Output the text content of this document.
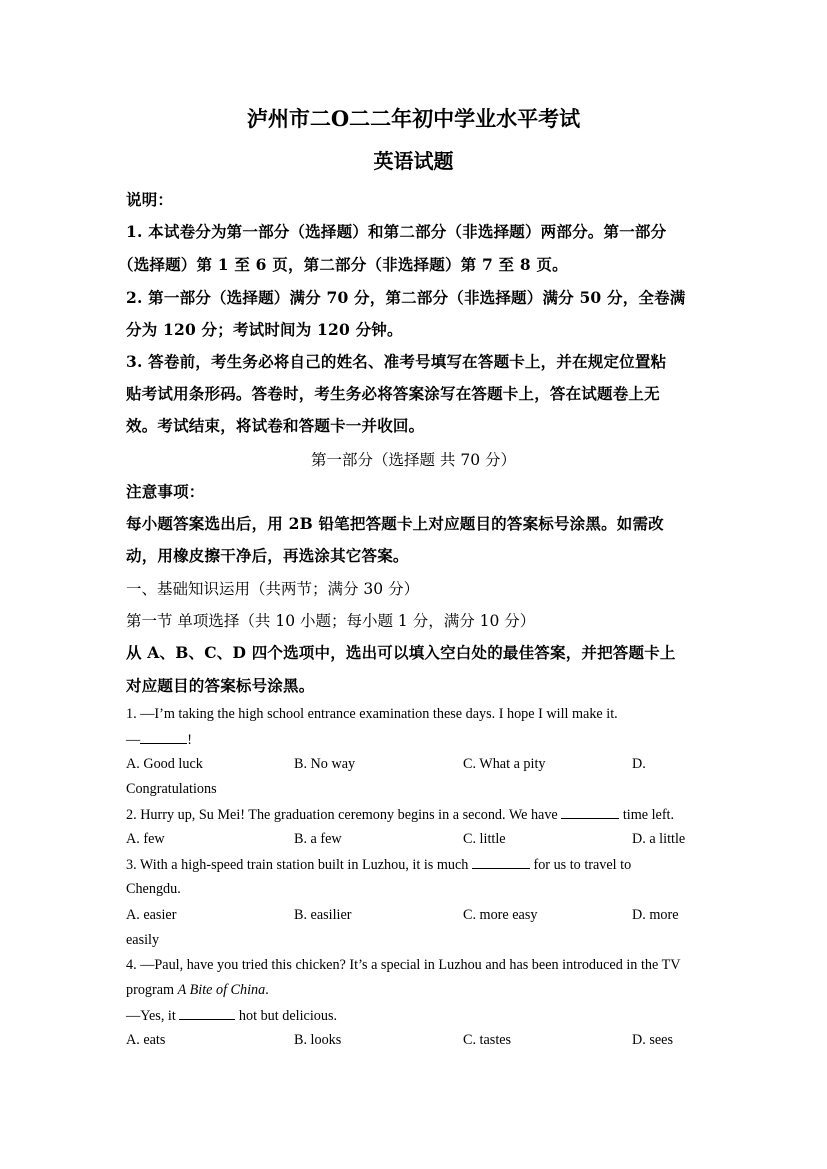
泸州市二O二二年初中学业水平考试
英语试题
说明：
1. 本试卷分为第一部分（选择题）和第二部分（非选择题）两部分。第一部分
（选择题）第 1 至 6 页，第二部分（非选择题）第 7 至 8 页。
2. 第一部分（选择题）满分 70 分，第二部分（非选择题）满分 50 分，全卷满
分为 120 分；考试时间为 120 分钟。
3. 答卷前，考生务必将自己的姓名、准考号填写在答题卡上，并在规定位置粘
贴考试用条形码。答卷时，考生务必将答案涂写在答题卡上，答在试题卷上无
效。考试结束，将试卷和答题卡一并收回。
第一部分（选择题 共 70 分）
注意事项：
每小题答案选出后，用 2B 铅笔把答题卡上对应题目的答案标号涂黑。如需改
动，用橡皮擦干净后，再选涂其它答案。
一、基础知识运用（共两节；满分 30 分）
第一节 单项选择（共 10 小题；每小题 1 分，满分 10 分）
从 A、B、C、D 四个选项中，选出可以填入空白处的最佳答案，并把答题卡上
对应题目的答案标号涂黑。
1. —I’m taking the high school entrance examination these days. I hope I will make it.
—	!
A. Good luck	B. No way	C. What a pity	D.
Congratulations
2. Hurry up, Su Mei! The graduation ceremony begins in a second. We have	time left.
A. few	B. a few	C. little	D. a little
3. With a high-speed train station built in Luzhou, it is much	for us to travel to
Chengdu.
A. easier	B. easilier	C. more easy	D. more
easily
4. —Paul, have you tried this chicken? It’s a special in Luzhou and has been introduced in the TV
program A Bite of China.
—Yes, it	hot but delicious.
A. eats	B. looks	C. tastes	D. sees
